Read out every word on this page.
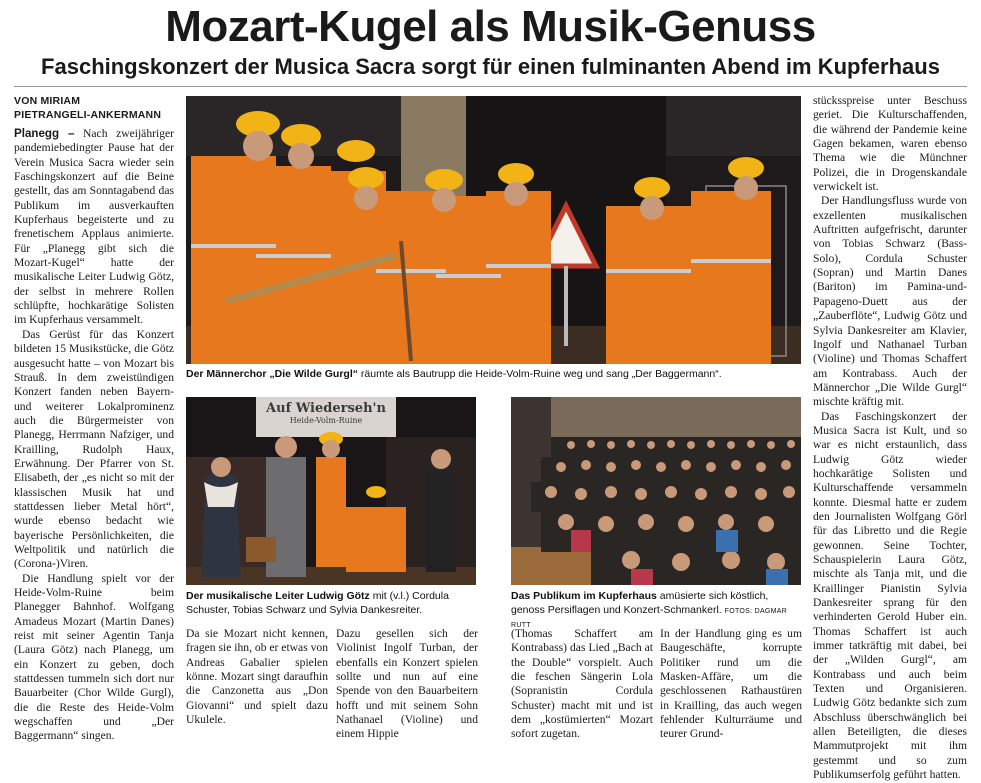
Mozart-Kugel als Musik-Genuss
Faschingskonzert der Musica Sacra sorgt für einen fulminanten Abend im Kupferhaus
VON MIRIAM
PIETRANGELI-ANKERMANN

Planegg – Nach zweijähriger pandemiebedingter Pause hat der Verein Musica Sacra wieder sein Faschingskonzert auf die Beine gestellt, das am Sonntagabend das Publikum im ausverkauften Kupferhaus begeisterte und zu frenetischem Applaus animierte. Für „Planegg gibt sich die Mozart-Kugel“ hatte der musikalische Leiter Ludwig Götz, der selbst in mehrere Rollen schlüpfte, hochkarätige Solisten im Kupferhaus versammelt.

Das Gerüst für das Konzert bildeten 15 Musikstücke, die Götz ausgesucht hatte – von Mozart bis Strauß. In dem zweistündigen Konzert fanden neben Bayern- und weiterer Lokalprominenz auch die Bürgermeister von Planegg, Herrmann Nafziger, und Krailling, Rudolph Haux, Erwähnung. Der Pfarrer von St. Elisabeth, der „es nicht so mit der klassischen Musik hat und stattdessen lieber Metal hört“, wurde ebenso bedacht wie bayerische Persönlichkeiten, die Weltpolitik und natürlich die (Corona-)Viren.

Die Handlung spielt vor der Heide-Volm-Ruine beim Planegger Bahnhof. Wolfgang Amadeus Mozart (Martin Danes) reist mit seiner Agentin Tanja (Laura Götz) nach Planegg, um ein Konzert zu geben, doch stattdessen tummeln sich dort nur Bauarbeiter (Chor Wilde Gurgl), die die Reste des Heide-Volm wegschaffen und „Der Baggermann“ singen.

Der Männerchor „Die Wilde Gurgl“ räumte als Bautrupp die Heide-Volm-Ruine weg und sang „Der Baggermann“.
Auf Wiederseh'n
Heide-Volm-Ruine
Der musikalische Leiter Ludwig Götz mit (v.l.) Cordula Schuster, Tobias Schwarz und Sylvia Dankesreiter.
Das Publikum im Kupferhaus amüsierte sich köstlich, genoss Persiflagen und Konzert-Schmankerl. FOTOS: DAGMAR RUTT

Da sie Mozart nicht kennen, fragen sie ihn, ob er etwas von Andreas Gabalier spielen könne. Mozart singt daraufhin die Canzonetta aus „Don Giovanni“ und spielt dazu Ukulele.

Dazu gesellen sich der Violinist Ingolf Turban, der ebenfalls ein Konzert spielen sollte und nun auf eine Spende von den Bauarbeitern hofft und mit seinem Sohn Nathanael (Violine) und einem Hippie

(Thomas Schaffert am Kontrabass) das Lied „Bach at the Double“ vorspielt. Auch die feschen Sängerin Lola (Sopranistin Cordula Schuster) macht mit und ist dem „kostümierten“ Mozart sofort zugetan.

In der Handlung ging es um Baugeschäfte, korrupte Politiker rund um die Masken-Affäre, um die geschlossenen Rathaustüren in Krailling, das auch wegen fehlender Kulturräume und teurer Grund-

stücksspreise unter Beschuss geriet. Die Kulturschaffenden, die während der Pandemie keine Gagen bekamen, waren ebenso Thema wie die Münchner Polizei, die in Drogenskandale verwickelt ist.

Der Handlungsfluss wurde von exzellenten musikalischen Auftritten aufgefrischt, darunter von Tobias Schwarz (Bass-Solo), Cordula Schuster (Sopran) und Martin Danes (Bariton) im Pamina-und-Papageno-Duett aus der „Zauberflöte“, Ludwig Götz und Sylvia Dankesreiter am Klavier, Ingolf und Nathanael Turban (Violine) und Thomas Schaffert am Kontrabass. Auch der Männerchor „Die Wilde Gurgl“ mischte kräftig mit.

Das Faschingskonzert der Musica Sacra ist Kult, und so war es nicht erstaunlich, dass Ludwig Götz wieder hochkarätige Solisten und Kulturschaffende versammeln konnte. Diesmal hatte er zudem den Journalisten Wolfgang Görl für das Libretto und die Regie gewonnen. Seine Tochter, Schauspielerin Laura Götz, mischte als Tanja mit, und die Kraillinger Pianistin Sylvia Dankesreiter sprang für den verhinderten Gerold Huber ein. Thomas Schaffert ist auch immer tatkräftig mit dabei, bei der „Wilden Gurgl“, am Kontrabass und auch beim Texten und Organisieren. Ludwig Götz bedankte sich zum Abschluss überschwänglich bei allen Beteiligten, die dieses Mammutprojekt mit ihm gestemmt und so zum Publikumserfolg geführt hatten.
